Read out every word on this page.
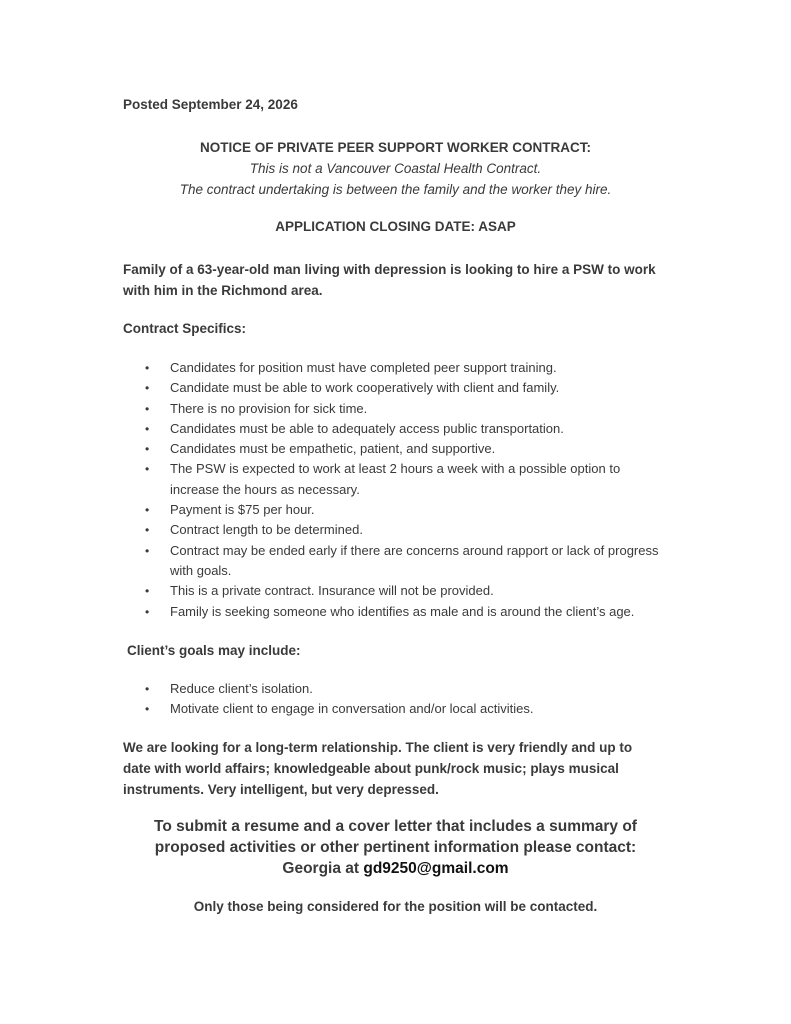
Posted September 24, 2026
NOTICE OF PRIVATE PEER SUPPORT WORKER CONTRACT:
This is not a Vancouver Coastal Health Contract.
The contract undertaking is between the family and the worker they hire.
APPLICATION CLOSING DATE: ASAP
Family of a 63-year-old man living with depression is looking to hire a PSW to work with him in the Richmond area.
Contract Specifics:
• Candidates for position must have completed peer support training.
• Candidate must be able to work cooperatively with client and family.
• There is no provision for sick time.
• Candidates must be able to adequately access public transportation.
• Candidates must be empathetic, patient, and supportive.
• The PSW is expected to work at least 2 hours a week with a possible option to increase the hours as necessary.
• Payment is $75 per hour.
• Contract length to be determined.
• Contract may be ended early if there are concerns around rapport or lack of progress with goals.
• This is a private contract. Insurance will not be provided.
• Family is seeking someone who identifies as male and is around the client’s age.
Client’s goals may include:
• Reduce client’s isolation.
• Motivate client to engage in conversation and/or local activities.
We are looking for a long-term relationship. The client is very friendly and up to date with world affairs; knowledgeable about punk/rock music; plays musical instruments. Very intelligent, but very depressed.
To submit a resume and a cover letter that includes a summary of
proposed activities or other pertinent information please contact:
Georgia at gd9250@gmail.com
Only those being considered for the position will be contacted.
